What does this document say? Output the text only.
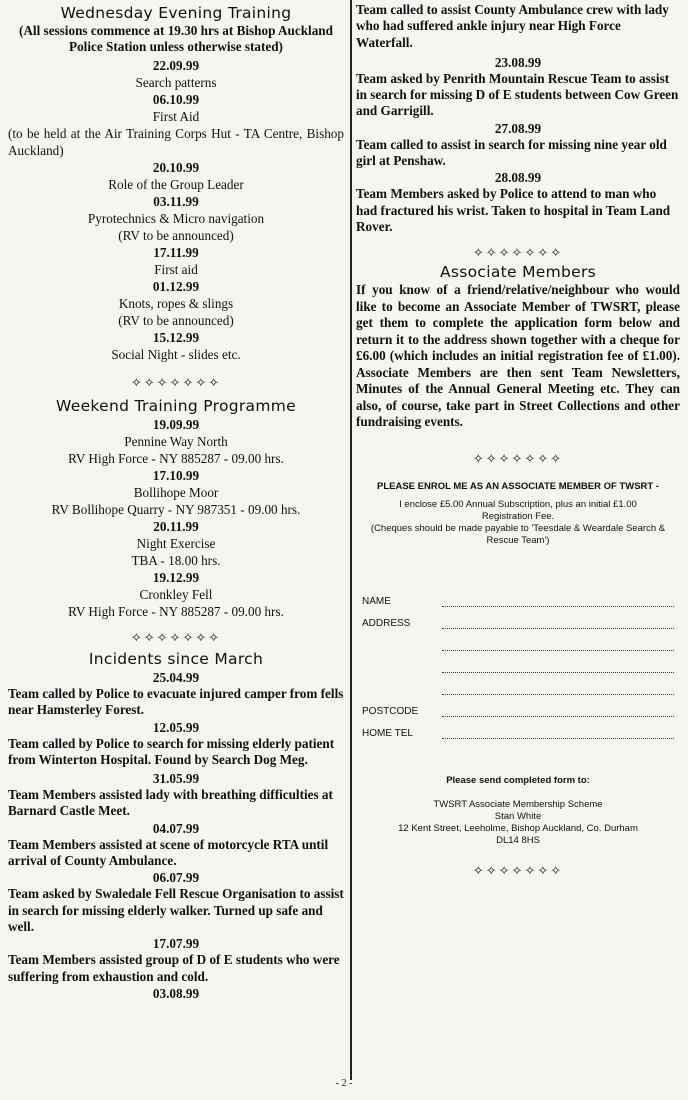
Wednesday Evening Training

(All sessions commence at 19.30 hrs at Bishop Auckland Police Station unless otherwise stated)

22.09.99

Search patterns

06.10.99

First Aid

(to be held at the Air Training Corps Hut - TA Centre, Bishop Auckland)

20.10.99

Role of the Group Leader

03.11.99

Pyrotechnics & Micro navigation

(RV to be announced)

17.11.99

First aid

01.12.99

Knots, ropes & slings

(RV to be announced)

15.12.99

Social Night - slides etc.

✧✧✧✧✧✧✧

Weekend Training Programme

19.09.99

Pennine Way North

RV High Force - NY 885287 - 09.00 hrs.

17.10.99

Bollihope Moor

RV Bollihope Quarry - NY 987351 - 09.00 hrs.

20.11.99

Night Exercise

TBA - 18.00 hrs.

19.12.99

Cronkley Fell

RV High Force - NY 885287 - 09.00 hrs.

✧✧✧✧✧✧✧

Incidents since March

25.04.99

Team called by Police to evacuate injured camper from fells near Hamsterley Forest.

12.05.99

Team called by Police to search for missing elderly patient from Winterton Hospital. Found by Search Dog Meg.

31.05.99

Team Members assisted lady with breathing difficulties at Barnard Castle Meet.

04.07.99

Team Members assisted at scene of motorcycle RTA until arrival of County Ambulance.

06.07.99

Team asked by Swaledale Fell Rescue Organisation to assist in search for missing elderly walker. Turned up safe and well.

17.07.99

Team Members assisted group of D of E students who were suffering from exhaustion and cold.

03.08.99

Team called to assist County Ambulance crew with lady who had suffered ankle injury near High Force Waterfall.

23.08.99

Team asked by Penrith Mountain Rescue Team to assist in search for missing D of E students between Cow Green and Garrigill.

27.08.99

Team called to assist in search for missing nine year old girl at Penshaw.

28.08.99

Team Members asked by Police to attend to man who had fractured his wrist. Taken to hospital in Team Land Rover.

✧✧✧✧✧✧✧

Associate Members

If you know of a friend/relative/neighbour who would like to become an Associate Member of TWSRT, please get them to complete the application form below and return it to the address shown together with a cheque for £6.00 (which includes an initial registration fee of £1.00). Associate Members are then sent Team Newsletters, Minutes of the Annual General Meeting etc. They can also, of course, take part in Street Collections and other fundraising events.

✧✧✧✧✧✧✧

PLEASE ENROL ME AS AN ASSOCIATE MEMBER OF TWSRT -

I enclose £5.00 Annual Subscription, plus an initial £1.00 Registration Fee.

(Cheques should be made payable to 'Teesdale & Weardale Search & Rescue Team')

NAME
ADDRESS
POSTCODE
HOME TEL

Please send completed form to:

TWSRT Associate Membership Scheme

Stan White

12 Kent Street, Leeholme, Bishop Auckland, Co. Durham

DL14 8HS

✧✧✧✧✧✧✧

- 2 -
